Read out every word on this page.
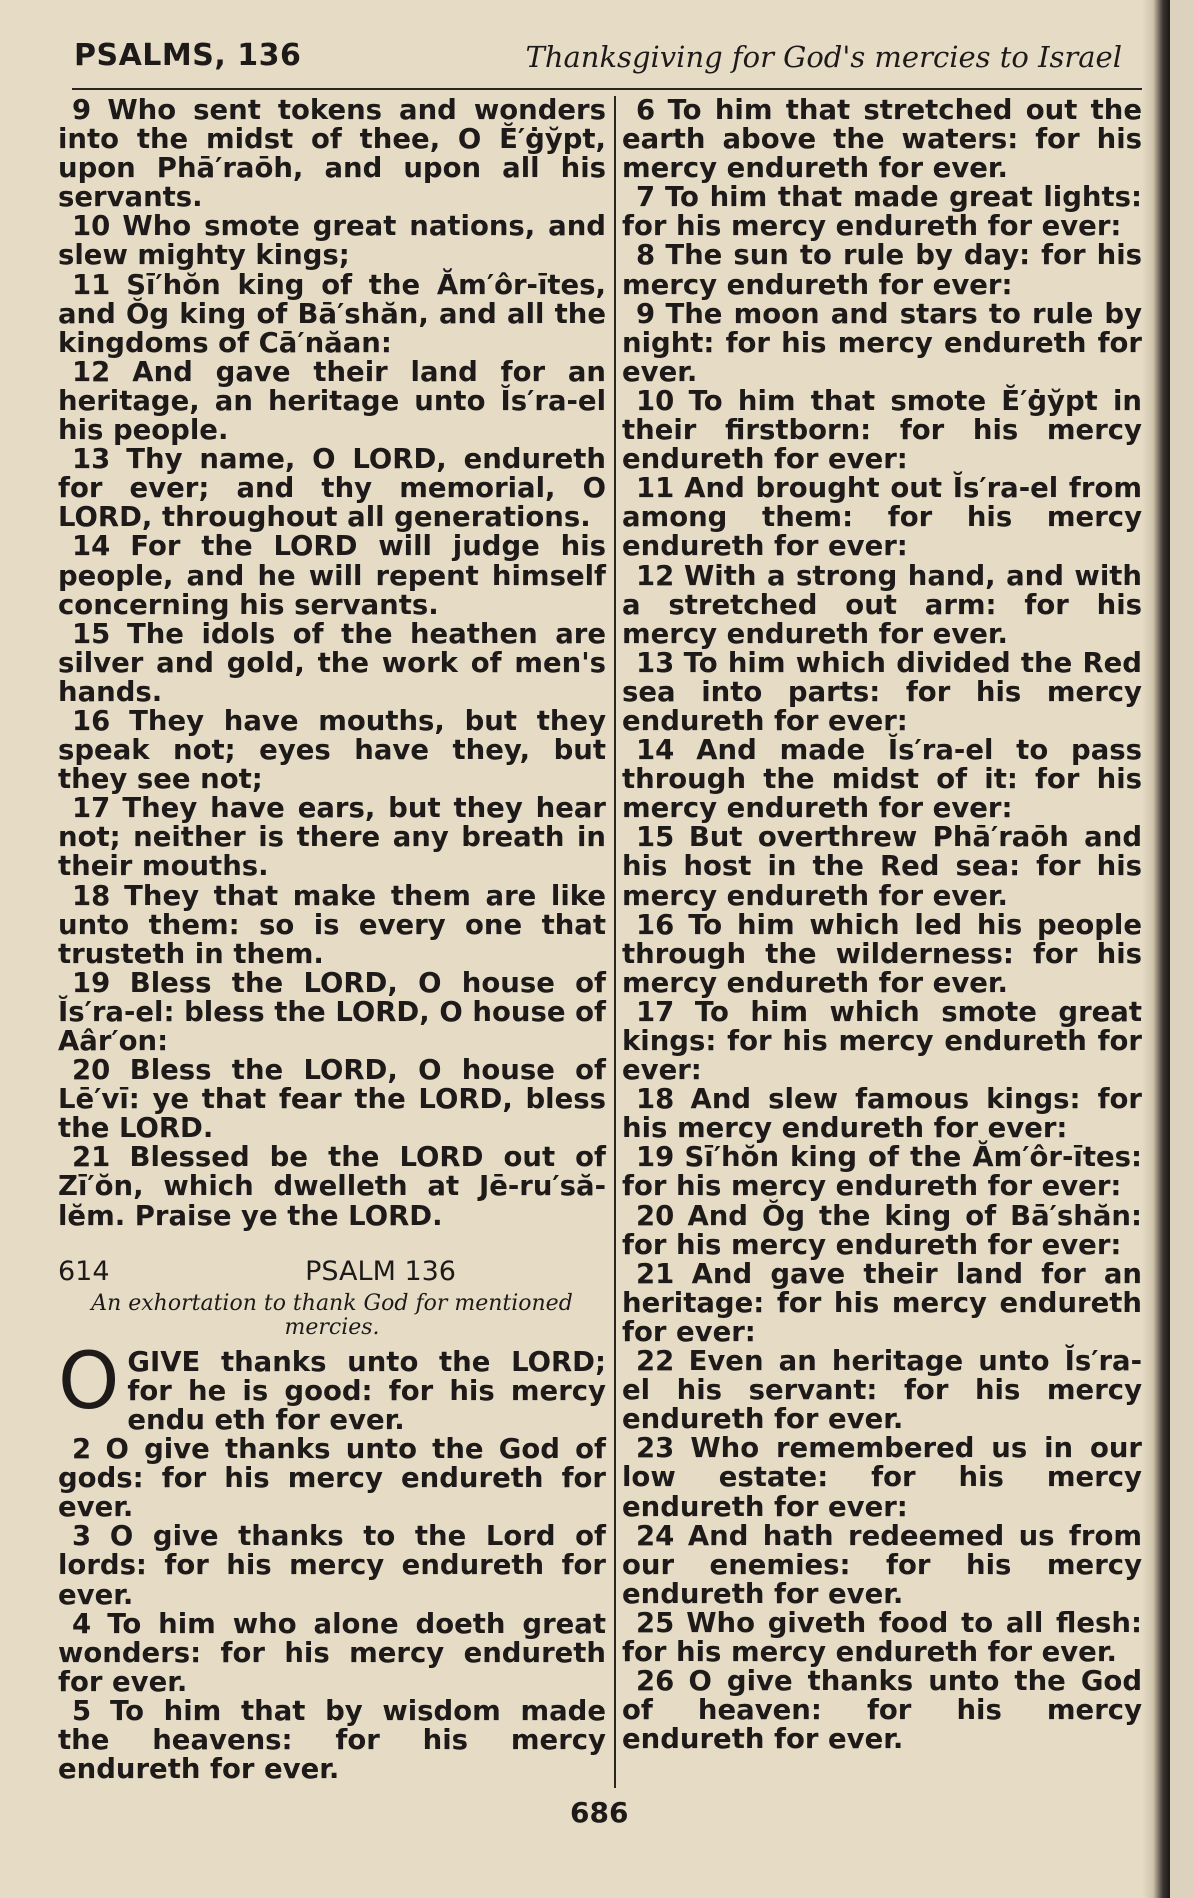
PSALMS, 136	Thanksgiving for God's mercies to Israel

9 Who sent tokens and wonders into the midst of thee, O Ĕ′ġy̆pt, upon Phā′raōh, and upon all his servants.

10 Who smote great nations, and slew mighty kings;

11 Sī′hŏn king of the Ăm′ôr-ītes, and Ŏg king of Bā′shăn, and all the kingdoms of Cā′năan:

12 And gave their land for an heritage, an heritage unto Ĭs′ra-el his people.

13 Thy name, O LORD, endureth for ever; and thy memorial, O LORD, throughout all generations.

14 For the LORD will judge his people, and he will repent himself concerning his servants.

15 The idols of the heathen are silver and gold, the work of men's hands.

16 They have mouths, but they speak not; eyes have they, but they see not;

17 They have ears, but they hear not; neither is there any breath in their mouths.

18 They that make them are like unto them: so is every one that trusteth in them.

19 Bless the LORD, O house of Ĭs′ra-el: bless the LORD, O house of Aâr′on:

20 Bless the LORD, O house of Lē′vī: ye that fear the LORD, bless the LORD.

21 Blessed be the LORD out of Zī′ŏn, which dwelleth at Jē-ru′să-lĕm. Praise ye the LORD.

614	PSALM 136
An exhortation to thank God for mentioned mercies.

O GIVE thanks unto the LORD; for he is good: for his mercy endu eth for ever.

2 O give thanks unto the God of gods: for his mercy endureth for ever.

3 O give thanks to the Lord of lords: for his mercy endureth for ever.

4 To him who alone doeth great wonders: for his mercy endureth for ever.

5 To him that by wisdom made the heavens: for his mercy endureth for ever.

6 To him that stretched out the earth above the waters: for his mercy endureth for ever.

7 To him that made great lights: for his mercy endureth for ever:

8 The sun to rule by day: for his mercy endureth for ever:

9 The moon and stars to rule by night: for his mercy endureth for ever.

10 To him that smote Ĕ′ġy̆pt in their firstborn: for his mercy endureth for ever:

11 And brought out Ĭs′ra-el from among them: for his mercy endureth for ever:

12 With a strong hand, and with a stretched out arm: for his mercy endureth for ever.

13 To him which divided the Red sea into parts: for his mercy endureth for ever:

14 And made Ĭs′ra-el to pass through the midst of it: for his mercy endureth for ever:

15 But overthrew Phā′raōh and his host in the Red sea: for his mercy endureth for ever.

16 To him which led his people through the wilderness: for his mercy endureth for ever.

17 To him which smote great kings: for his mercy endureth for ever:

18 And slew famous kings: for his mercy endureth for ever:

19 Sī′hŏn king of the Ăm′ôr-ītes: for his mercy endureth for ever:

20 And Ŏg the king of Bā′shăn: for his mercy endureth for ever:

21 And gave their land for an heritage: for his mercy endureth for ever:

22 Even an heritage unto Ĭs′ra-el his servant: for his mercy endureth for ever.

23 Who remembered us in our low estate: for his mercy endureth for ever:

24 And hath redeemed us from our enemies: for his mercy endureth for ever.

25 Who giveth food to all flesh: for his mercy endureth for ever.

26 O give thanks unto the God of heaven: for his mercy endureth for ever.

686
